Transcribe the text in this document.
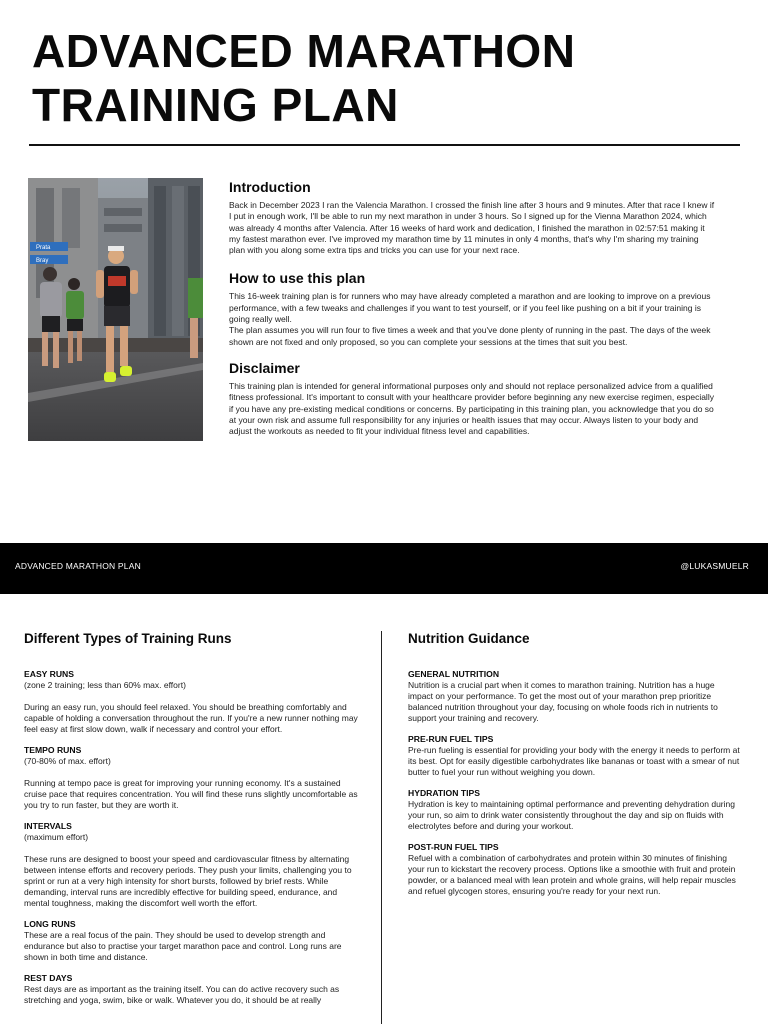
ADVANCED MARATHON
TRAINING PLAN
Prata
Bray
Introduction

Back in December 2023 I ran the Valencia Marathon. I crossed the finish line after 3 hours and 9 minutes. After that race I knew if I put in enough work, I'll be able to run my next marathon in under 3 hours. So I signed up for the Vienna Marathon 2024, which was already 4 months after Valencia. After 16 weeks of hard work and dedication, I finished the marathon in 02:57:51 making it my fastest marathon ever. I've improved my marathon time by 11 minutes in only 4 months, that's why I'm sharing my training plan with you along some extra tips and tricks you can use for your next race.

How to use this plan

This 16-week training plan is for runners who may have already completed a marathon and are looking to improve on a previous performance, with a few tweaks and challenges if you want to test yourself, or if you feel like pushing on a bit if your training is going really well.

The plan assumes you will run four to five times a week and that you've done plenty of running in the past. The days of the week shown are not fixed and only proposed, so you can complete your sessions at the times that suit you best.

Disclaimer

This training plan is intended for general informational purposes only and should not replace personalized advice from a qualified fitness professional. It's important to consult with your healthcare provider before beginning any new exercise regimen, especially if you have any pre-existing medical conditions or concerns. By participating in this training plan, you acknowledge that you do so at your own risk and assume full responsibility for any injuries or health issues that may occur. Always listen to your body and adjust the workouts as needed to fit your individual fitness level and capabilities.

ADVANCED MARATHON PLAN	@LUKASMUELR
Different Types of Training Runs
EASY RUNS
(zone 2 training; less than 60% max. effort)

During an easy run, you should feel relaxed. You should be breathing comfortably and capable of holding a conversation throughout the run. If you're a new runner nothing may feel easy at first slow down, walk if necessary and control your effort.

TEMPO RUNS
(70-80% of max. effort)

Running at tempo pace is great for improving your running economy. It's a sustained cruise pace that requires concentration. You will find these runs slightly uncomfortable as you try to run faster, but they are worth it.

INTERVALS
(maximum effort)

These runs are designed to boost your speed and cardiovascular fitness by alternating between intense efforts and recovery periods. They push your limits, challenging you to sprint or run at a very high intensity for short bursts, followed by brief rests. While demanding, interval runs are incredibly effective for building speed, endurance, and mental toughness, making the discomfort well worth the effort.

LONG RUNS

These are a real focus of the pain. They should be used to develop strength and endurance but also to practise your target marathon pace and control. Long runs are shown in both time and distance.

REST DAYS

Rest days are as important as the training itself. You can do active recovery such as stretching and yoga, swim, bike or walk. Whatever you do, it should be at really

Nutrition Guidance
GENERAL NUTRITION

Nutrition is a crucial part when it comes to marathon training. Nutrition has a huge impact on your performance. To get the most out of your marathon prep prioritize balanced nutrition throughout your day, focusing on whole foods rich in nutrients to support your training and recovery.

PRE-RUN FUEL TIPS

Pre-run fueling is essential for providing your body with the energy it needs to perform at its best. Opt for easily digestible carbohydrates like bananas or toast with a smear of nut butter to fuel your run without weighing you down.

HYDRATION TIPS

Hydration is key to maintaining optimal performance and preventing dehydration during your run, so aim to drink water consistently throughout the day and sip on fluids with electrolytes before and during your workout.

POST-RUN FUEL TIPS

Refuel with a combination of carbohydrates and protein within 30 minutes of finishing your run to kickstart the recovery process. Options like a smoothie with fruit and protein powder, or a balanced meal with lean protein and whole grains, will help repair muscles and refuel glycogen stores, ensuring you're ready for your next run.
